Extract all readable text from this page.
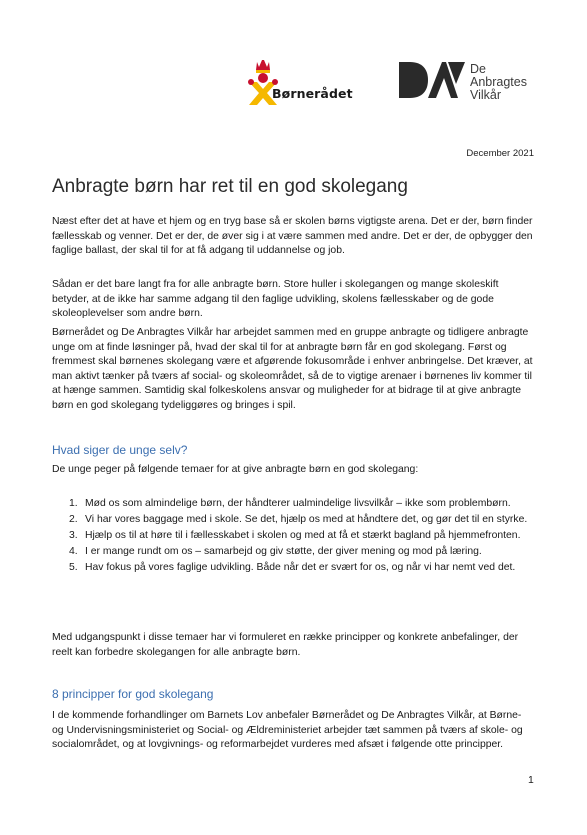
Børnerådet
De
Anbragtes
Vilkår
December 2021
Anbragte børn har ret til en god skolegang

Næst efter det at have et hjem og en tryg base så er skolen børns vigtigste arena. Det er der, børn finder fællesskab og venner. Det er der, de øver sig i at være sammen med andre. Det er der, de opbygger den faglige ballast, der skal til for at få adgang til uddannelse og job.

Sådan er det bare langt fra for alle anbragte børn. Store huller i skolegangen og mange skoleskift betyder, at de ikke har samme adgang til den faglige udvikling, skolens fællesskaber og de gode skoleoplevelser som andre børn.

Børnerådet og De Anbragtes Vilkår har arbejdet sammen med en gruppe anbragte og tidligere anbragte unge om at finde løsninger på, hvad der skal til for at anbragte børn får en god skolegang. Først og fremmest skal børnenes skolegang være et afgørende fokusområde i enhver anbringelse. Det kræver, at man aktivt tænker på tværs af social- og skoleområdet, så de to vigtige arenaer i børnenes liv kommer til at hænge sammen. Samtidig skal folkeskolens ansvar og muligheder for at bidrage til at give anbragte børn en god skolegang tydeliggøres og bringes i spil.

Hvad siger de unge selv?

De unge peger på følgende temaer for at give anbragte børn en god skolegang:

1. Mød os som almindelige børn, der håndterer ualmindelige livsvilkår – ikke som problembørn.
2. Vi har vores baggage med i skole. Se det, hjælp os med at håndtere det, og gør det til en styrke.
3. Hjælp os til at høre til i fællesskabet i skolen og med at få et stærkt bagland på hjemmefronten.
4. I er mange rundt om os – samarbejd og giv støtte, der giver mening og mod på læring.
5. Hav fokus på vores faglige udvikling. Både når det er svært for os, og når vi har nemt ved det.

Med udgangspunkt i disse temaer har vi formuleret en række principper og konkrete anbefalinger, der reelt kan forbedre skolegangen for alle anbragte børn.

8 principper for god skolegang

I de kommende forhandlinger om Barnets Lov anbefaler Børnerådet og De Anbragtes Vilkår, at Børne- og Undervisningsministeriet og Social- og Ældreministeriet arbejder tæt sammen på tværs af skole- og socialområdet, og at lovgivnings- og reformarbejdet vurderes med afsæt i følgende otte principper.

1
